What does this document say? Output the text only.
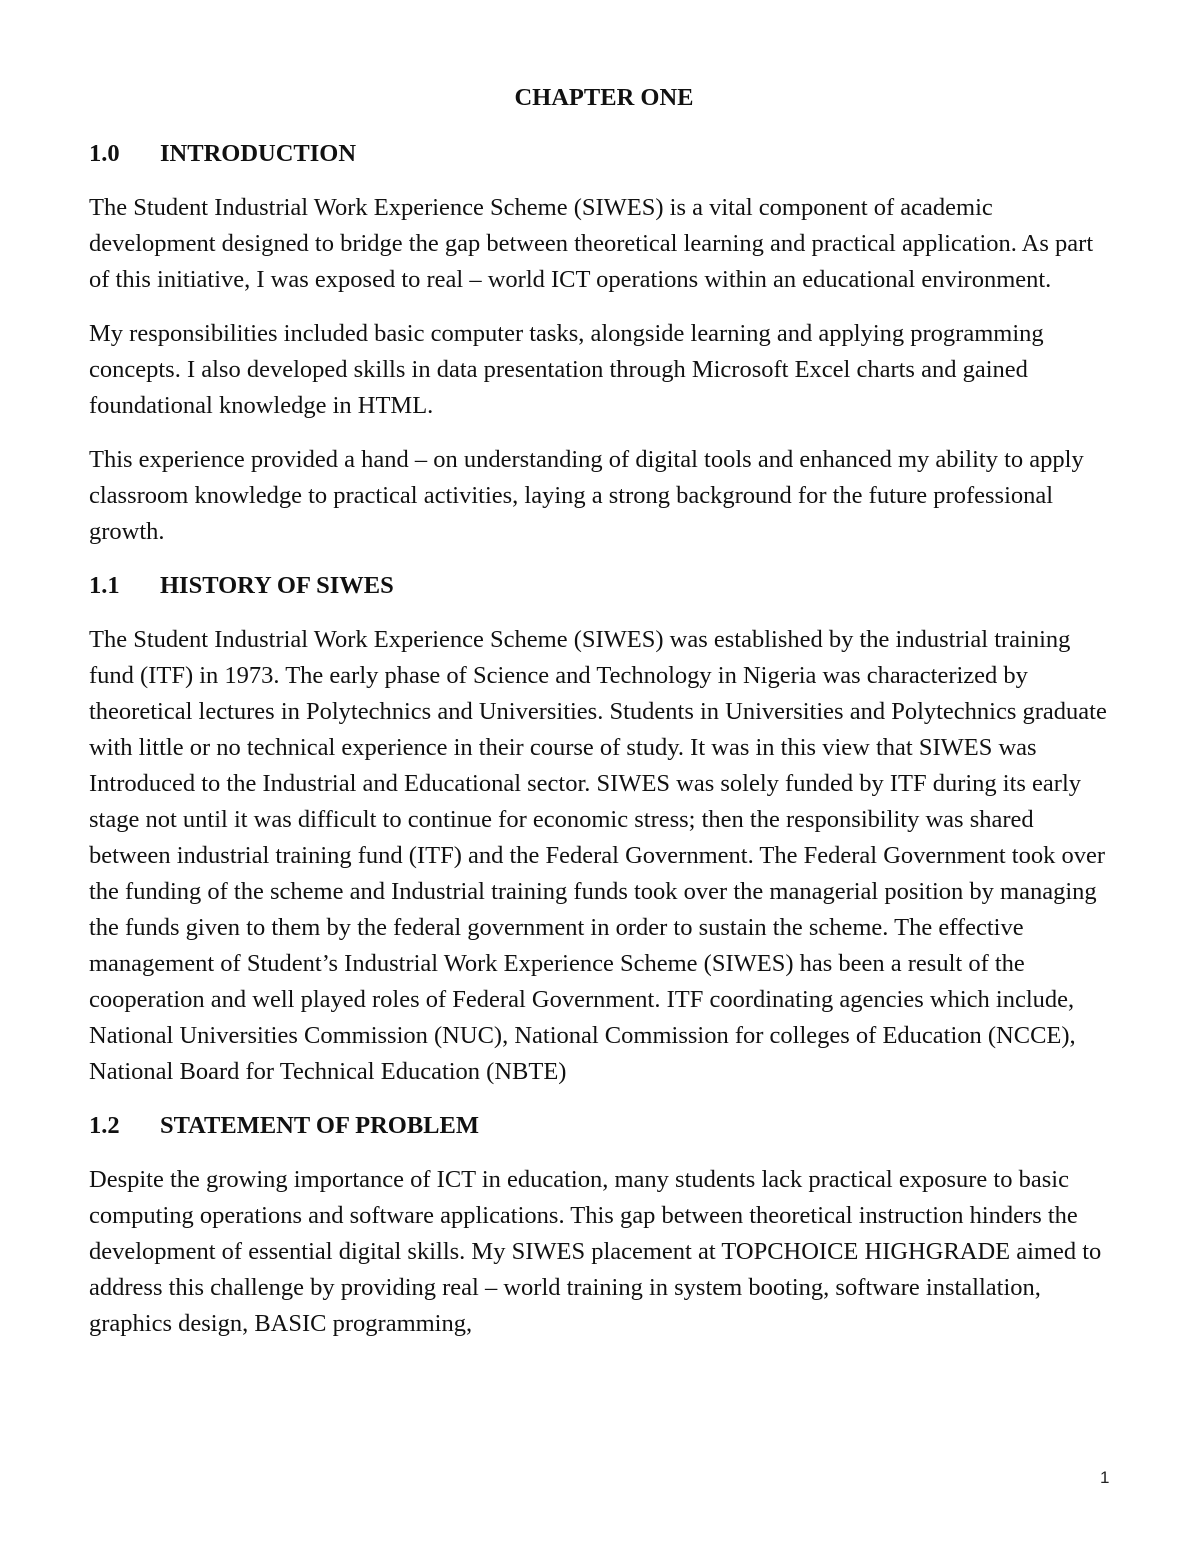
CHAPTER ONE
1.0	INTRODUCTION

The Student Industrial Work Experience Scheme (SIWES) is a vital component of academic development designed to bridge the gap between theoretical learning and practical application. As part of this initiative, I was exposed to real – world ICT operations within an educational environment.

My responsibilities included basic computer tasks, alongside learning and applying programming concepts. I also developed skills in data presentation through Microsoft Excel charts and gained foundational knowledge in HTML.

This experience provided a hand – on understanding of digital tools and enhanced my ability to apply classroom knowledge to practical activities, laying a strong background for the future professional growth.

1.1	HISTORY OF SIWES

The Student Industrial Work Experience Scheme (SIWES) was established by the industrial training fund (ITF) in 1973. The early phase of Science and Technology in Nigeria was characterized by theoretical lectures in Polytechnics and Universities. Students in Universities and Polytechnics graduate with little or no technical experience in their course of study. It was in this view that SIWES was Introduced to the Industrial and Educational sector. SIWES was solely funded by ITF during its early stage not until it was difficult to continue for economic stress; then the responsibility was shared between industrial training fund (ITF) and the Federal Government. The Federal Government took over the funding of the scheme and Industrial training funds took over the managerial position by managing the funds given to them by the federal government in order to sustain the scheme. The effective management of Student’s Industrial Work Experience Scheme (SIWES) has been a result of the cooperation and well played roles of Federal Government. ITF coordinating agencies which include, National Universities Commission (NUC), National Commission for colleges of Education (NCCE), National Board for Technical Education (NBTE)

1.2	STATEMENT OF PROBLEM

Despite the growing importance of ICT in education, many students lack practical exposure to basic computing operations and software applications. This gap between theoretical instruction hinders the development of essential digital skills. My SIWES placement at TOPCHOICE HIGHGRADE aimed to address this challenge by providing real – world training in system booting, software installation, graphics design, BASIC programming,

1
